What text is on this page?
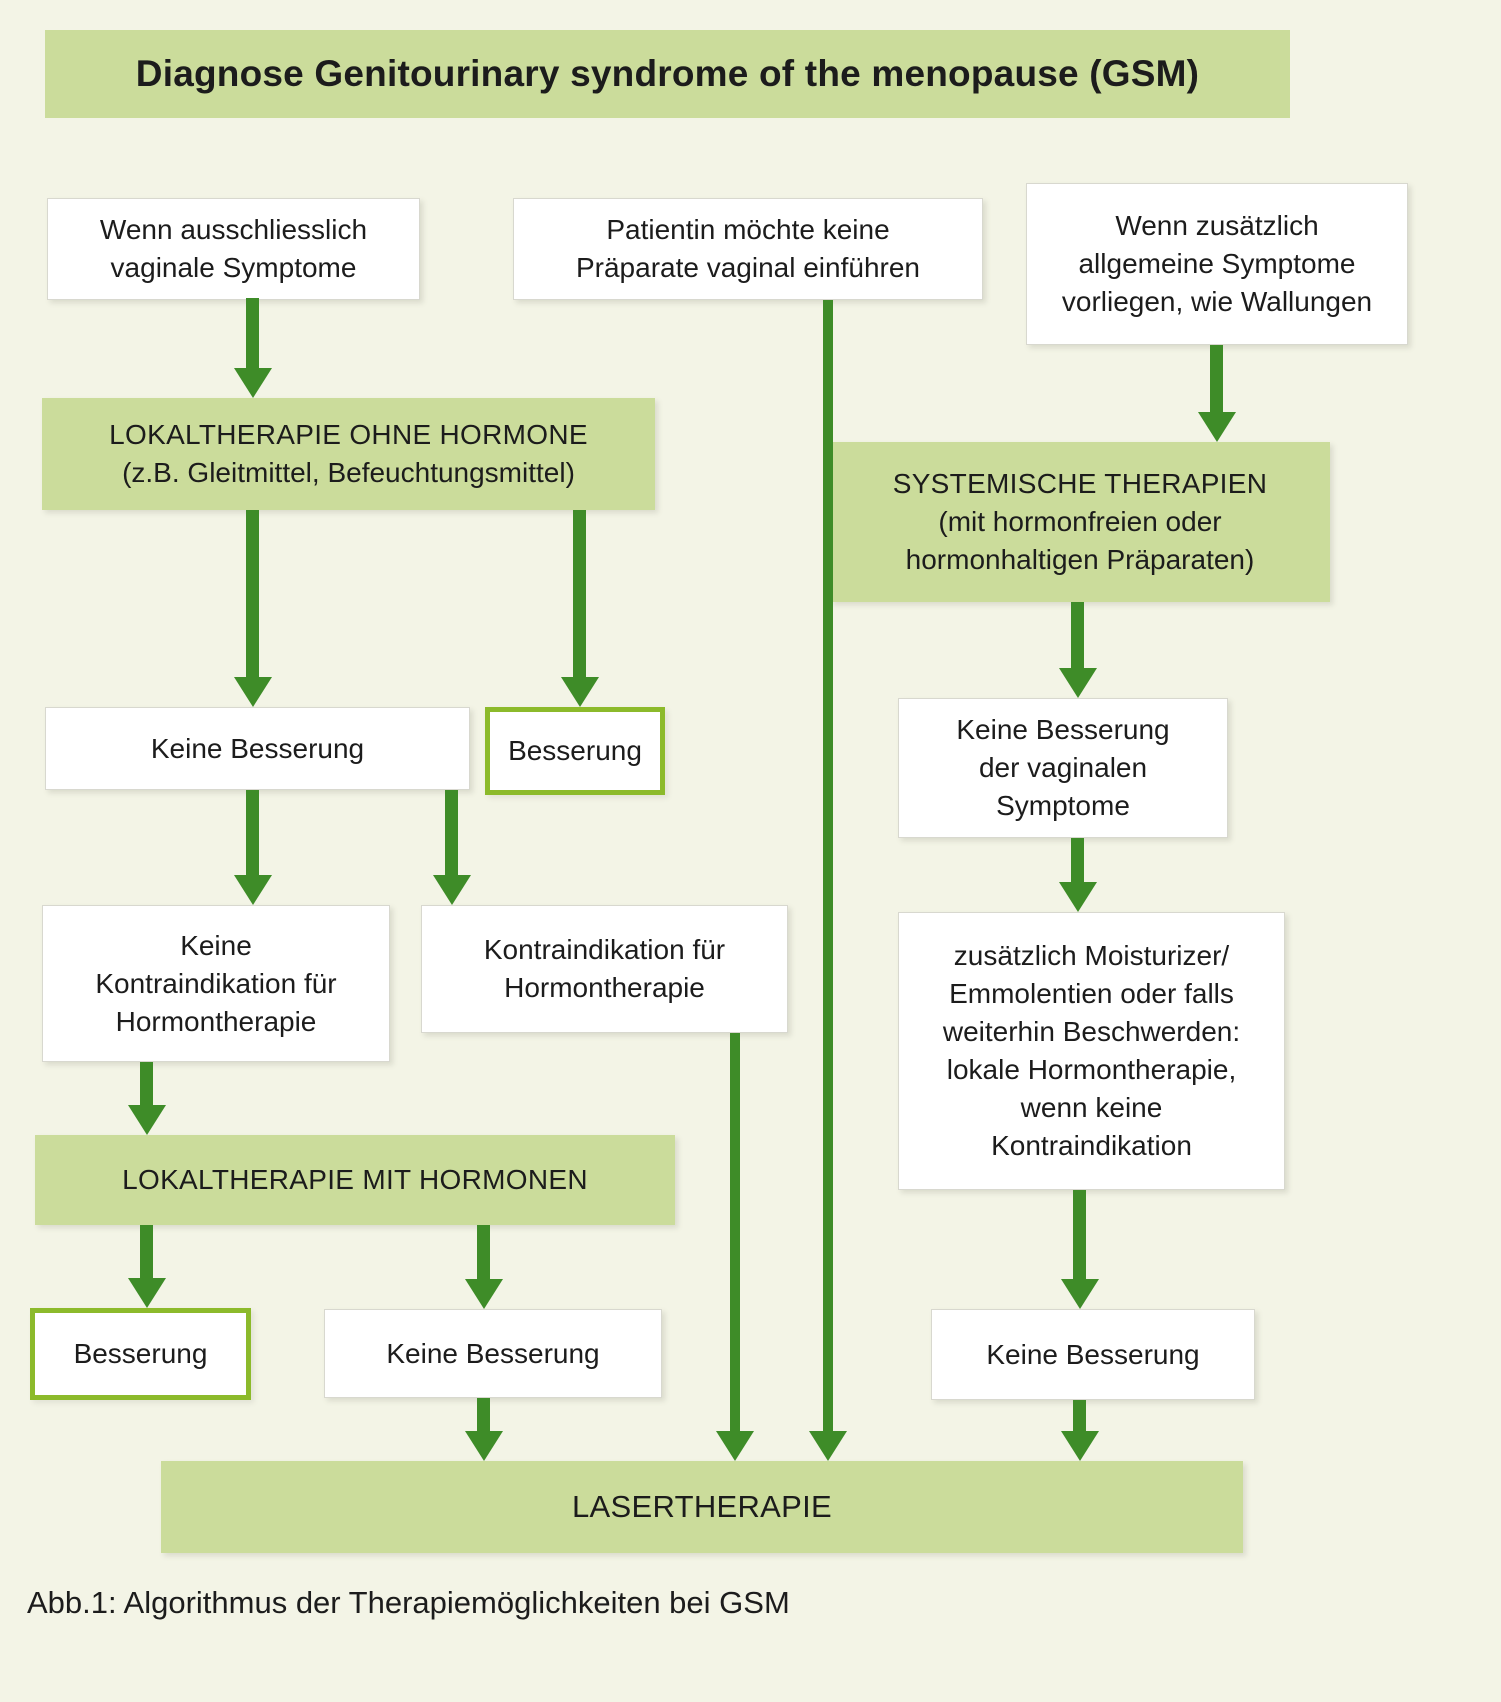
Diagnose Genitourinary syndrome of the menopause (GSM)
Wenn ausschliesslich
vaginale Symptome
Patientin möchte keine
Präparate vaginal einführen
Wenn zusätzlich
allgemeine Symptome
vorliegen, wie Wallungen
LOKALTHERAPIE OHNE HORMONE
(z.B. Gleitmittel, Befeuchtungsmittel)
Keine Besserung	Besserung
Keine
Kontraindikation für
Hormontherapie
Kontraindikation für
Hormontherapie
LOKALTHERAPIE MIT HORMONEN
Besserung	Keine Besserung
SYSTEMISCHE THERAPIEN
(mit hormonfreien oder
hormonhaltigen Präparaten)
Keine Besserung
der vaginalen
Symptome
zusätzlich Moisturizer/
Emmolentien oder falls
weiterhin Beschwerden:
lokale Hormontherapie,
wenn keine
Kontraindikation
Keine Besserung
LASERTHERAPIE
Abb.1: Algorithmus der Therapiemöglichkeiten bei GSM
